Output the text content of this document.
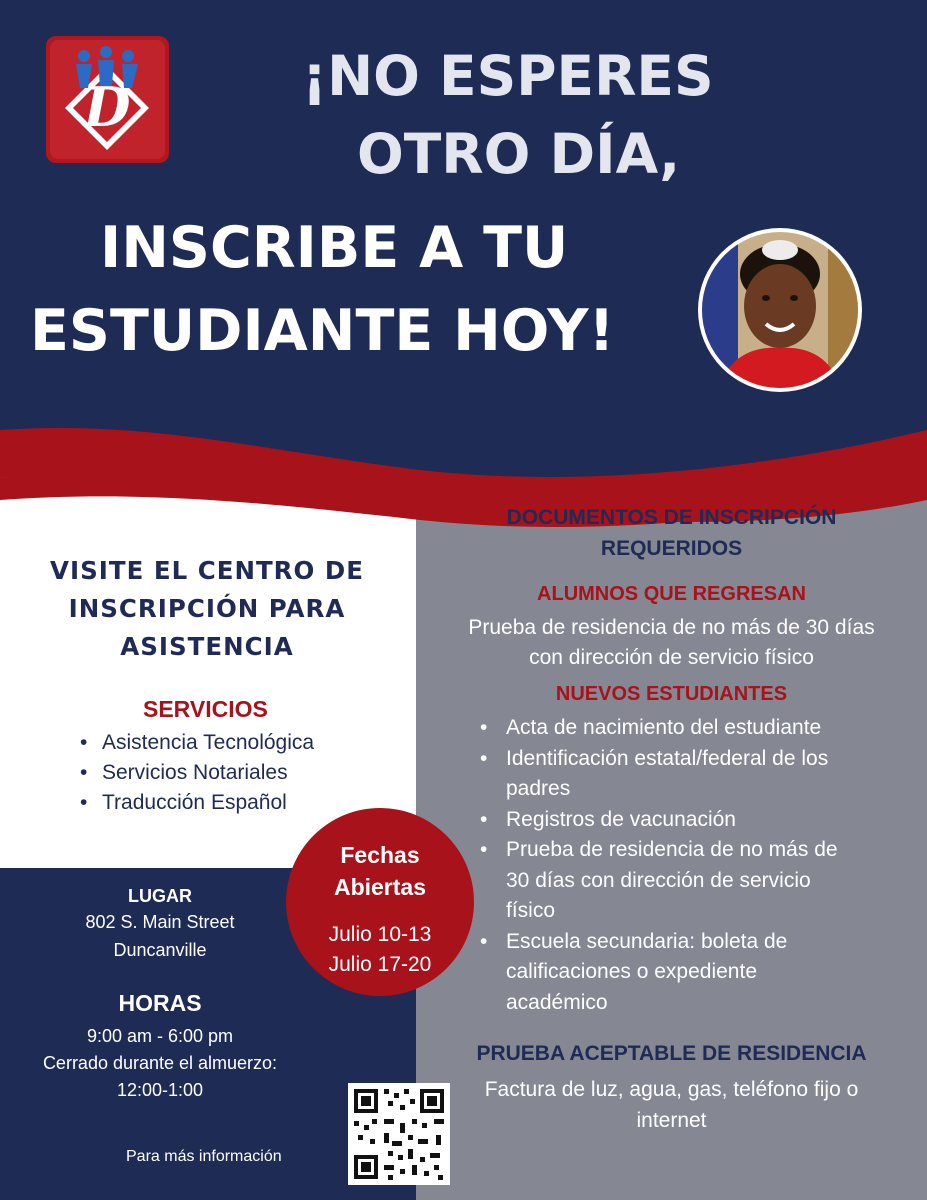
D	¡NO ESPERES
OTRO DÍA,
INSCRIBE A TU
ESTUDIANTE HOY!
VISITE EL CENTRO DE
INSCRIPCIÓN PARA
ASISTENCIA
SERVICIOS
• Asistencia Tecnológica
• Servicios Notariales
• Traducción Español
LUGAR
802 S. Main Street
Duncanville
HORAS
9:00 am - 6:00 pm
Cerrado durante el almuerzo:
12:00-1:00
Para más información
Fechas
Abiertas
Julio 10-13
Julio 17-20
DOCUMENTOS DE INSCRIPCIÓN
REQUERIDOS
ALUMNOS QUE REGRESAN
Prueba de residencia de no más de 30 días
con dirección de servicio físico
NUEVOS ESTUDIANTES
• Acta de nacimiento del estudiante
• Identificación estatal/federal de los
padres
• Registros de vacunación
• Prueba de residencia de no más de
30 días con dirección de servicio
físico
• Escuela secundaria: boleta de
calificaciones o expediente
académico
PRUEBA ACEPTABLE DE RESIDENCIA
Factura de luz, agua, gas, teléfono fijo o
internet
